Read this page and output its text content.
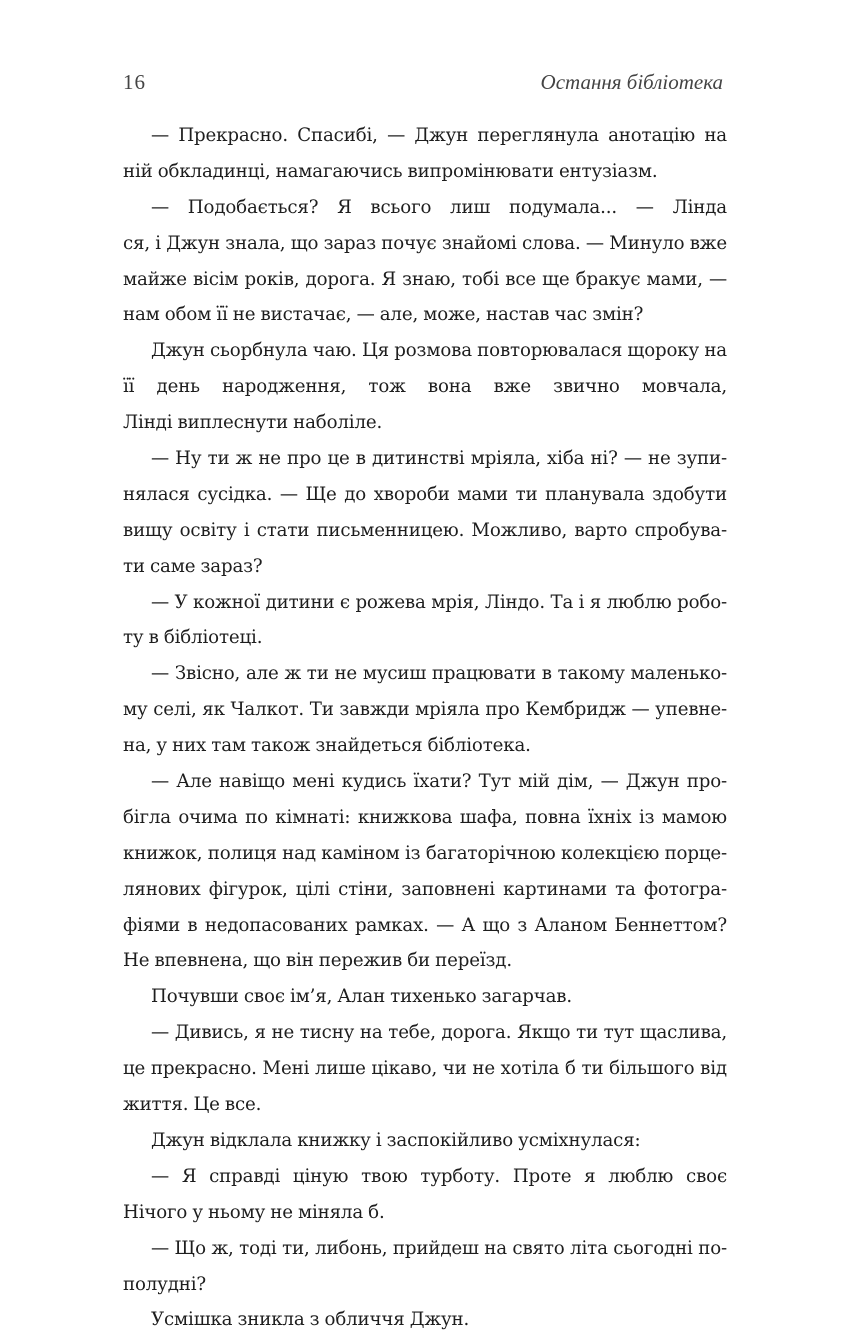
16	Остання бібліотека
— Прекрасно. Спасибі, — Джун переглянула анотацію на
ній обкладинці, намагаючись випромінювати ентузіазм.
— Подобається? Я всього лиш подумала... — Лінда
ся, і Джун знала, що зараз почує знайомі слова. — Минуло вже
майже вісім років, дорога. Я знаю, тобі все ще бракує мами, —
нам обом її не вистачає, — але, може, настав час змін?
Джун сьорбнула чаю. Ця розмова повторювалася щороку на
її день народження, тож вона вже звично мовчала,
Лінді виплеснути наболіле.
— Ну ти ж не про це в дитинстві мріяла, хіба ні? — не зупи-
нялася сусідка. — Ще до хвороби мами ти планувала здобути
вищу освіту і стати письменницею. Можливо, варто спробува-
ти саме зараз?
— У кожної дитини є рожева мрія, Ліндо. Та і я люблю робо-
ту в бібліотеці.
— Звісно, але ж ти не мусиш працювати в такому маленько-
му селі, як Чалкот. Ти завжди мріяла про Кембридж — упевне-
на, у них там також знайдеться бібліотека.
— Але навіщо мені кудись їхати? Тут мій дім, — Джун про-
бігла очима по кімнаті: книжкова шафа, повна їхніх із мамою
книжок, полиця над каміном із багаторічною колекцією порце-
лянових фігурок, цілі стіни, заповнені картинами та фотогра-
фіями в недопасованих рамках. — А що з Аланом Беннеттом?
Не впевнена, що він пережив би переїзд.
Почувши своє ім’я, Алан тихенько загарчав.
— Дивись, я не тисну на тебе, дорога. Якщо ти тут щаслива,
це прекрасно. Мені лише цікаво, чи не хотіла б ти більшого від
життя. Це все.
Джун відклала книжку і заспокійливо усміхнулася:
— Я справді ціную твою турботу. Проте я люблю своє
Нічого у ньому не міняла б.
— Що ж, тоді ти, либонь, прийдеш на свято літа сьогодні по-
полудні?
Усмішка зникла з обличчя Джун.
